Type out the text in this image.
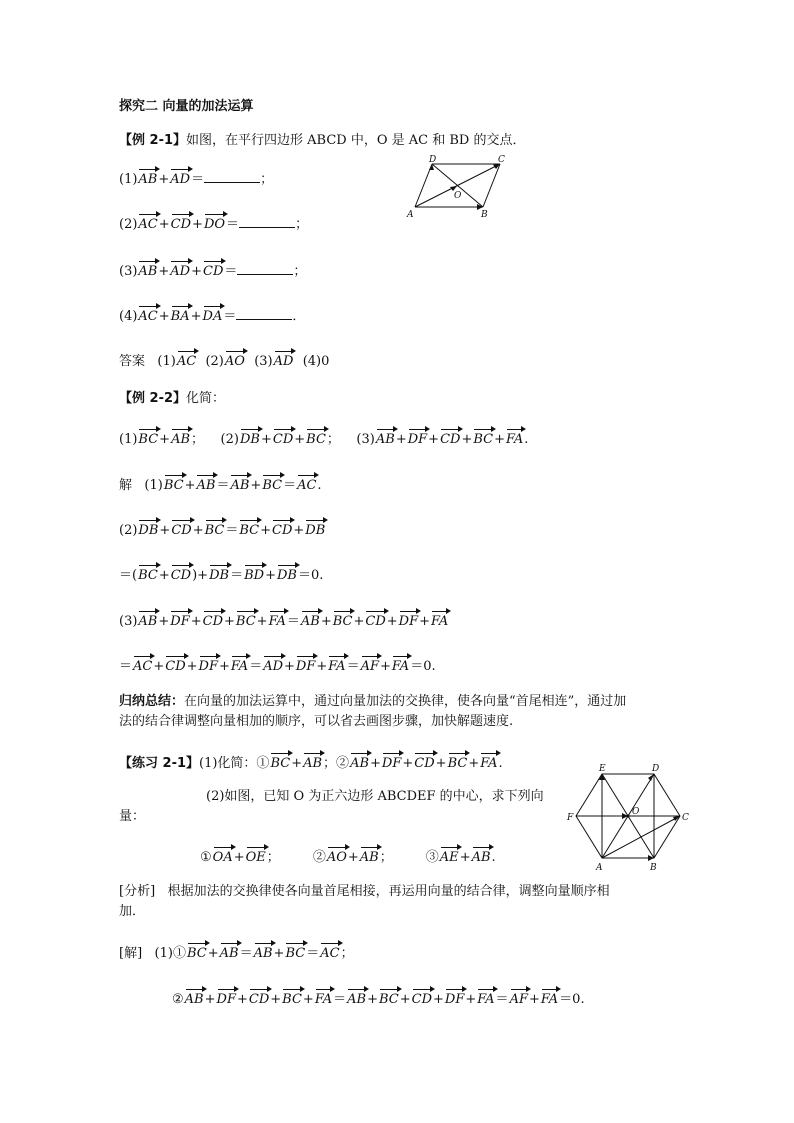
探究二 向量的加法运算
【例 2-1】如图，在平行四边形 ABCD 中，O 是 AC 和 BD 的交点．
(1)AB+AD＝	；
(2)AC+CD+DO＝	；
(3)AB+AD+CD＝	；
(4)AC+BA+DA＝	．
A	B
C
D
O
答案 (1)AC (2)AO (3)AD (4)0
【例 2-2】化简：
(1)BC+AB；    (2)DB+CD+BC；    (3)AB+DF+CD+BC+FA.
解   (1)BC+AB＝AB+BC＝AC.
(2)DB+CD+BC＝BC+CD+DB
＝(BC+CD)+DB＝BD+DB＝0.
(3)AB+DF+CD+BC+FA＝AB+BC+CD+DF+FA
＝AC+CD+DF+FA＝AD+DF+FA＝AF+FA＝0.
归纳总结：在向量的加法运算中，通过向量加法的交换律，使各向量“首尾相连”，通过加
法的结合律调整向量相加的顺序，可以省去画图步骤，加快解题速度.
【练习 2-1】(1)化简：①BC+AB；②AB+DF+CD+BC+FA.
(2)如图，已知 O 为正六边形 ABCDEF 的中心，求下列向
量：
①OA+OE；        ②AO+AB；        ③AE+AB.
A	B
C
D
E
F
O
[分析] 根据加法的交换律使各向量首尾相接，再运用向量的结合律，调整向量顺序相
加．
[解]   (1)①BC+AB＝AB+BC＝AC；
②AB+DF+CD+BC+FA＝AB+BC+CD+DF+FA＝AF+FA＝0.
